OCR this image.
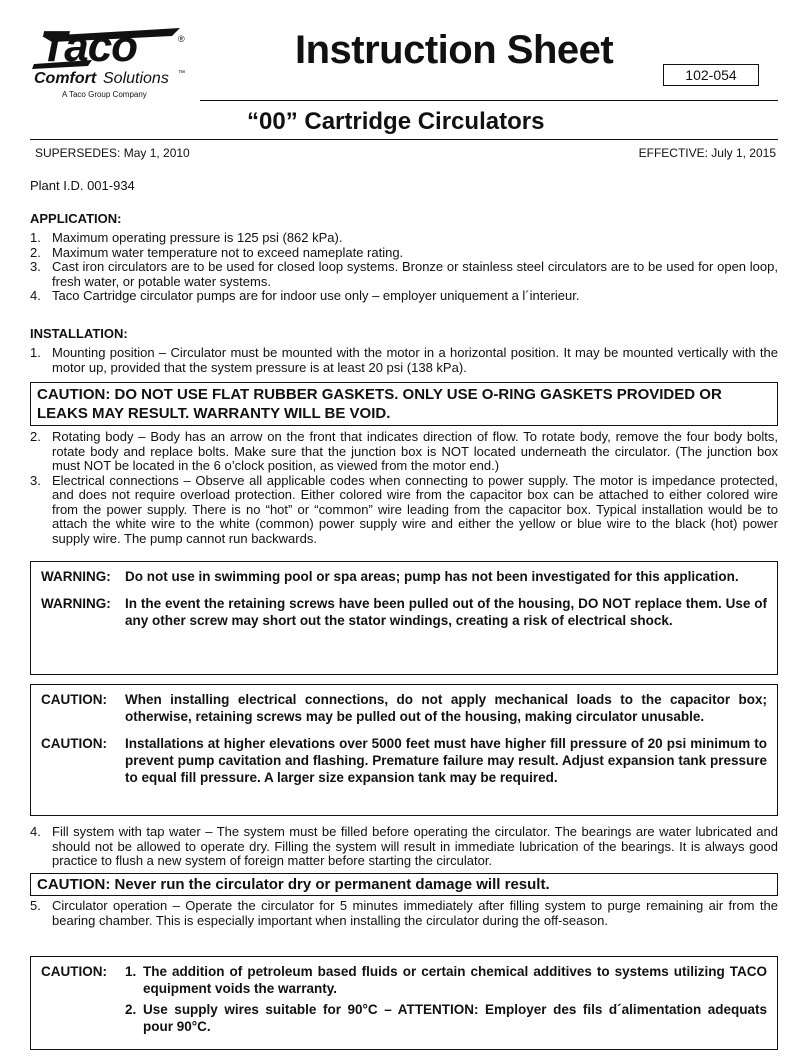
Taco	®
Comfort Solutions ™
A Taco Group Company
Instruction Sheet
102-054
“00” Cartridge Circulators
SUPERSEDES: May 1, 2010	EFFECTIVE: July 1, 2015
Plant I.D. 001-934
APPLICATION:
1. Maximum operating pressure is 125 psi (862 kPa).
2. Maximum water temperature not to exceed nameplate rating.
3. Cast iron circulators are to be used for closed loop systems. Bronze or stainless steel circulators are to be used for open loop, fresh water, or potable water systems.
4. Taco Cartridge circulator pumps are for indoor use only – employer uniquement a l´interieur.
INSTALLATION:
1. Mounting position – Circulator must be mounted with the motor in a horizontal position. It may be mounted vertically with the motor up, provided that the system pressure is at least 20 psi (138 kPa).
CAUTION: DO NOT USE FLAT RUBBER GASKETS. ONLY USE O-RING GASKETS PROVIDED OR LEAKS MAY RESULT. WARRANTY WILL BE VOID.
2. Rotating body – Body has an arrow on the front that indicates direction of flow. To rotate body, remove the four body bolts, rotate body and replace bolts. Make sure that the junction box is NOT located underneath the circulator. (The junction box must NOT be located in the 6 o’clock position, as viewed from the motor end.)
3. Electrical connections – Observe all applicable codes when connecting to power supply. The motor is impedance protected, and does not require overload protection. Either colored wire from the capacitor box can be attached to either colored wire from the power supply. There is no “hot” or “common” wire leading from the capacitor box. Typical installation would be to attach the white wire to the white (common) power supply wire and either the yellow or blue wire to the black (hot) power supply wire. The pump cannot run backwards.
WARNING: Do not use in swimming pool or spa areas; pump has not been investigated for this application.
WARNING: In the event the retaining screws have been pulled out of the housing, DO NOT replace them. Use of any other screw may short out the stator windings, creating a risk of electrical shock.
CAUTION: When installing electrical connections, do not apply mechanical loads to the capacitor box; otherwise, retaining screws may be pulled out of the housing, making circulator unusable.
CAUTION: Installations at higher elevations over 5000 feet must have higher fill pressure of 20 psi minimum to prevent pump cavitation and flashing. Premature failure may result. Adjust expansion tank pressure to equal fill pressure. A larger size expansion tank may be required.
4. Fill system with tap water – The system must be filled before operating the circulator. The bearings are water lubricated and should not be allowed to operate dry. Filling the system will result in immediate lubrication of the bearings. It is always good practice to flush a new system of foreign matter before starting the circulator.
CAUTION: Never run the circulator dry or permanent damage will result.
5. Circulator operation – Operate the circulator for 5 minutes immediately after filling system to purge remaining air from the bearing chamber. This is especially important when installing the circulator during the off-season.
CAUTION: 1. The addition of petroleum based fluids or certain chemical additives to systems utilizing TACO equipment voids the warranty.
2. Use supply wires suitable for 90°C – ATTENTION: Employer des fils d´alimentation adequats pour 90°C.
